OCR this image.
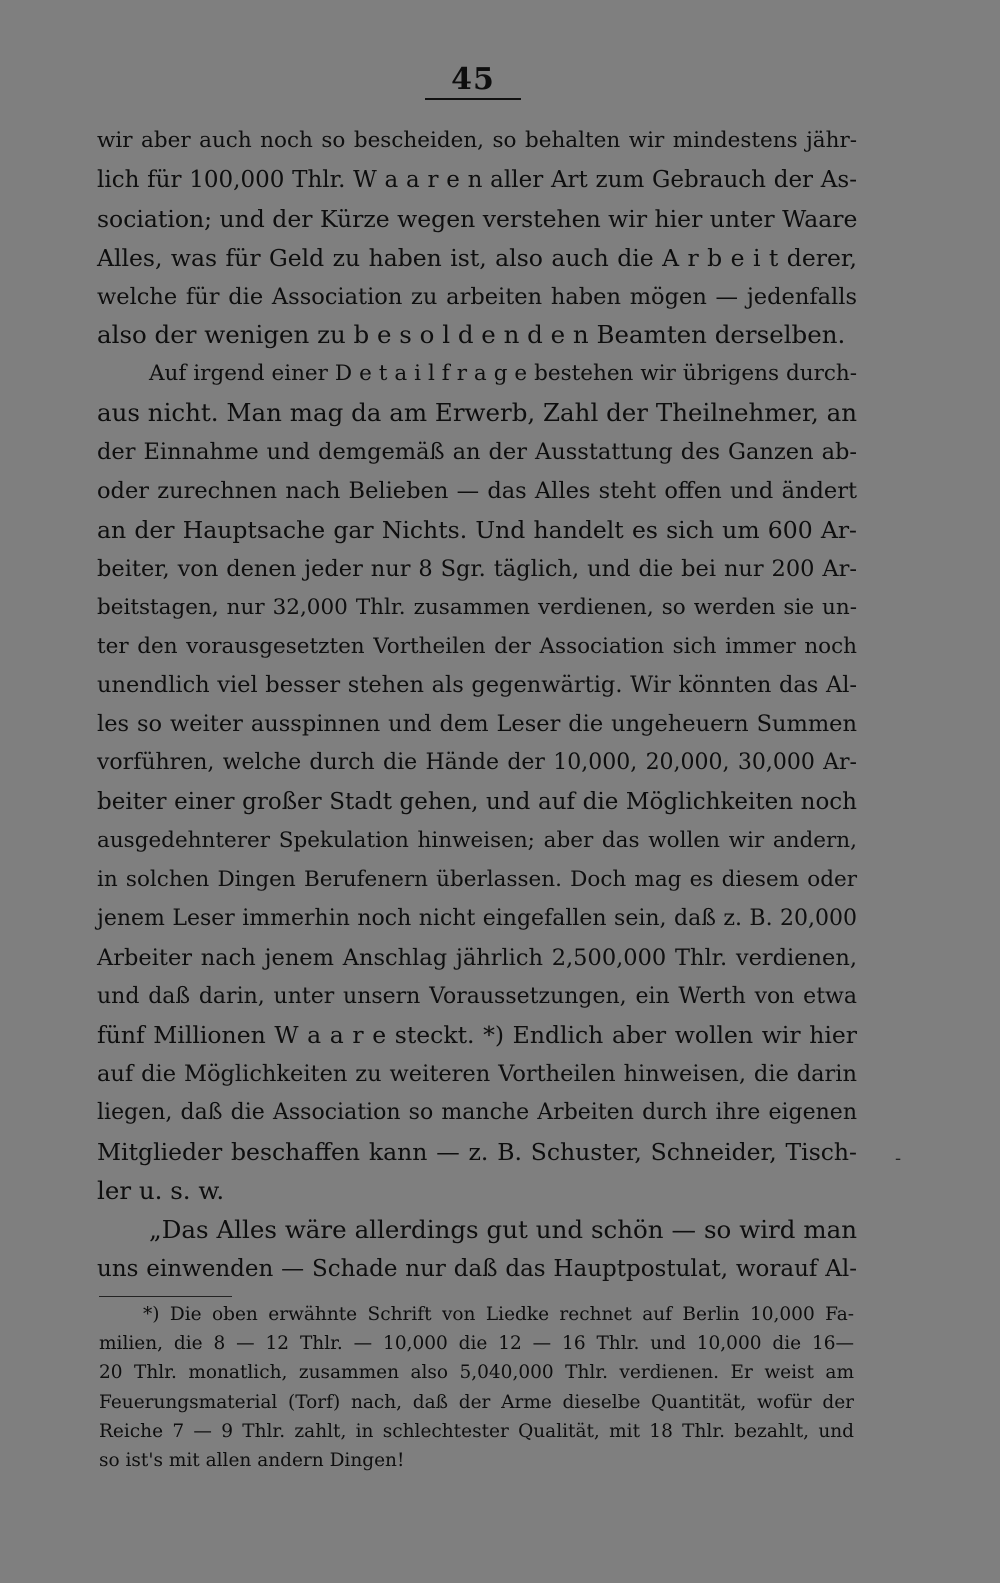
45
wir aber auch noch so bescheiden, so behalten wir mindestens jähr-
lich für 100,000 Thlr. W a a r e n aller Art zum Gebrauch der As-
sociation; und der Kürze wegen verstehen wir hier unter Waare
Alles, was für Geld zu haben ist, also auch die A r b e i t derer,
welche für die Association zu arbeiten haben mögen — jedenfalls
also der wenigen zu b e s o l d e n d e n Beamten derselben.
Auf irgend einer D e t a i l f r a g e bestehen wir übrigens durch-
aus nicht. Man mag da am Erwerb, Zahl der Theilnehmer, an
der Einnahme und demgemäß an der Ausstattung des Ganzen ab-
oder zurechnen nach Belieben — das Alles steht offen und ändert
an der Hauptsache gar Nichts. Und handelt es sich um 600 Ar-
beiter, von denen jeder nur 8 Sgr. täglich, und die bei nur 200 Ar-
beitstagen, nur 32,000 Thlr. zusammen verdienen, so werden sie un-
ter den vorausgesetzten Vortheilen der Association sich immer noch
unendlich viel besser stehen als gegenwärtig. Wir könnten das Al-
les so weiter ausspinnen und dem Leser die ungeheuern Summen
vorführen, welche durch die Hände der 10,000, 20,000, 30,000 Ar-
beiter einer großer Stadt gehen, und auf die Möglichkeiten noch
ausgedehnterer Spekulation hinweisen; aber das wollen wir andern,
in solchen Dingen Berufenern überlassen. Doch mag es diesem oder
jenem Leser immerhin noch nicht eingefallen sein, daß z. B. 20,000
Arbeiter nach jenem Anschlag jährlich 2,500,000 Thlr. verdienen,
und daß darin, unter unsern Voraussetzungen, ein Werth von etwa
fünf Millionen W a a r e steckt. *) Endlich aber wollen wir hier
auf die Möglichkeiten zu weiteren Vortheilen hinweisen, die darin
liegen, daß die Association so manche Arbeiten durch ihre eigenen
Mitglieder beschaffen kann — z. B. Schuster, Schneider, Tisch-
ler u. s. w.
„Das Alles wäre allerdings gut und schön — so wird man
uns einwenden — Schade nur daß das Hauptpostulat, worauf Al-
*) Die oben erwähnte Schrift von Liedke rechnet auf Berlin 10,000 Fa-
milien, die 8 — 12 Thlr. — 10,000 die 12 — 16 Thlr. und 10,000 die 16—
20 Thlr. monatlich, zusammen also 5,040,000 Thlr. verdienen. Er weist am
Feuerungsmaterial (Torf) nach, daß der Arme dieselbe Quantität, wofür der
Reiche 7 — 9 Thlr. zahlt, in schlechtester Qualität, mit 18 Thlr. bezahlt, und
so ist's mit allen andern Dingen!
-
